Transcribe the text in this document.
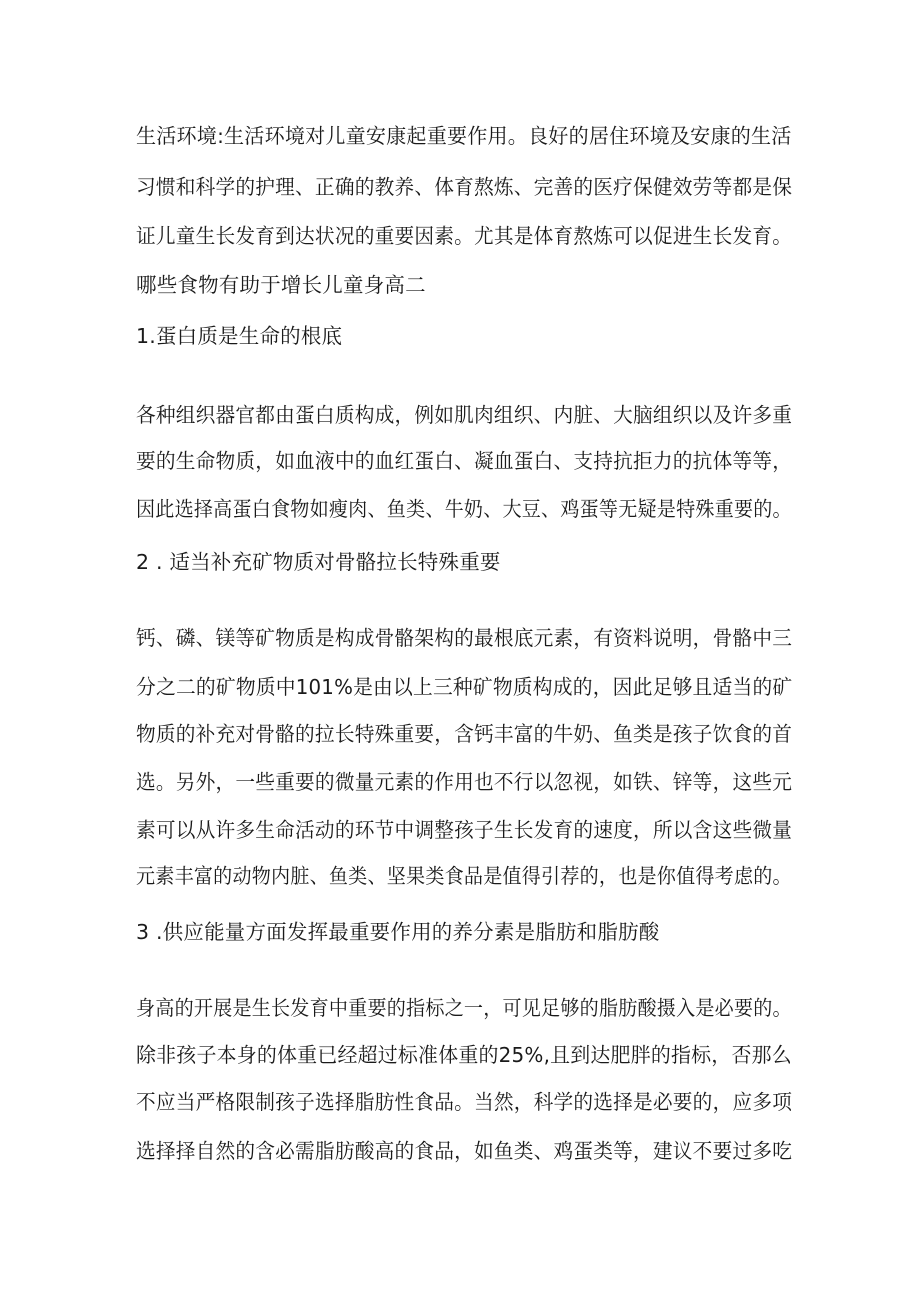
生活环境:生活环境对儿童安康起重要作用。良好的居住环境及安康的生活
习惯和科学的护理、正确的教养、体育熬炼、完善的医疗保健效劳等都是保
证儿童生长发育到达状况的重要因素。尤其是体育熬炼可以促进生长发育。
哪些食物有助于增长儿童身高二
1.蛋白质是生命的根底
各种组织器官都由蛋白质构成，例如肌肉组织、内脏、大脑组织以及许多重
要的生命物质，如血液中的血红蛋白、凝血蛋白、支持抗拒力的抗体等等，
因此选择高蛋白食物如瘦肉、鱼类、牛奶、大豆、鸡蛋等无疑是特殊重要的。
2 . 适当补充矿物质对骨骼拉长特殊重要
钙、磷、镁等矿物质是构成骨骼架构的最根底元素，有资料说明，骨骼中三
分之二的矿物质中101%是由以上三种矿物质构成的，因此足够且适当的矿
物质的补充对骨骼的拉长特殊重要，含钙丰富的牛奶、鱼类是孩子饮食的首
选。另外，一些重要的微量元素的作用也不行以忽视，如铁、锌等，这些元
素可以从许多生命活动的环节中调整孩子生长发育的速度，所以含这些微量
元素丰富的动物内脏、鱼类、坚果类食品是值得引荐的，也是你值得考虑的。
3 .供应能量方面发挥最重要作用的养分素是脂肪和脂肪酸
身高的开展是生长发育中重要的指标之一，可见足够的脂肪酸摄入是必要的。
除非孩子本身的体重已经超过标准体重的25%,且到达肥胖的指标，否那么
不应当严格限制孩子选择脂肪性食品。当然，科学的选择是必要的，应多项
选择择自然的含必需脂肪酸高的食品，如鱼类、鸡蛋类等，建议不要过多吃
